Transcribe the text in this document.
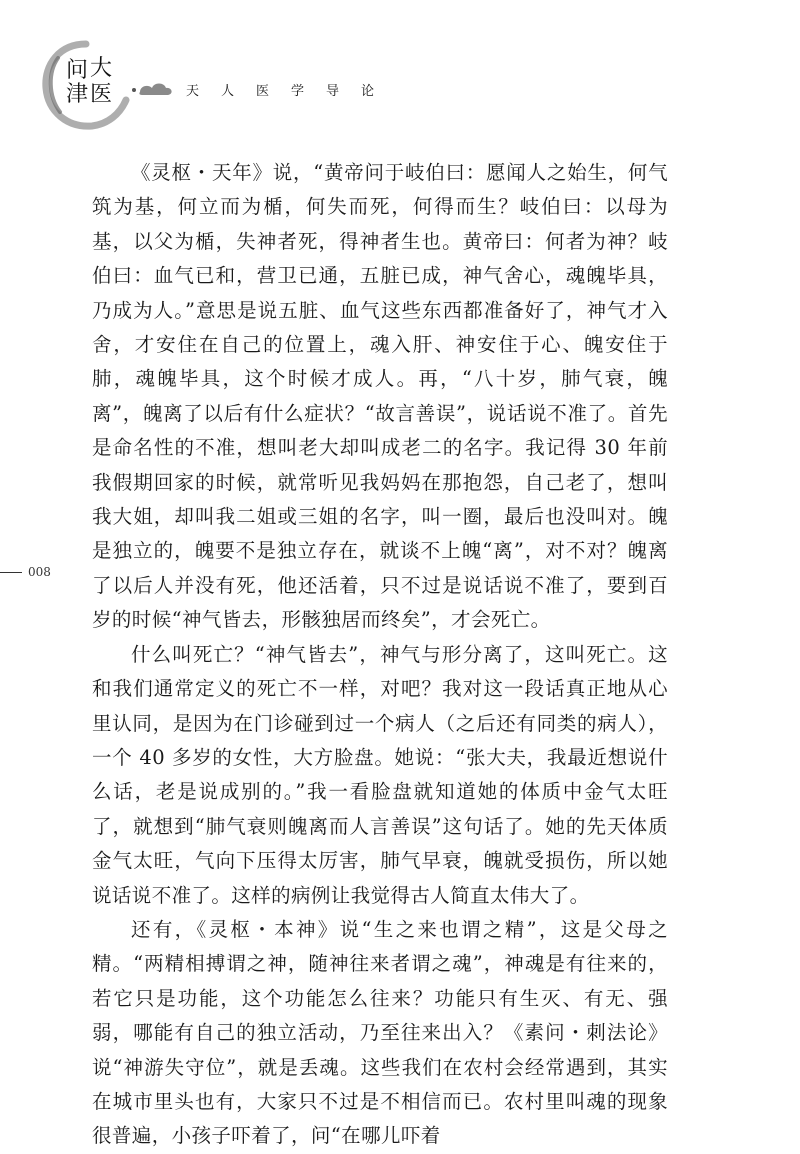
问 大
津 医	天人医学导论
008

《灵枢・天年》说，“黄帝问于岐伯曰：愿闻人之始生，何气筑为基，何立而为楯，何失而死，何得而生？岐伯曰：以母为基，以父为楯，失神者死，得神者生也。黄帝曰：何者为神？岐伯曰：血气已和，营卫已通，五脏已成，神气舍心，魂魄毕具，乃成为人。”意思是说五脏、血气这些东西都准备好了，神气才入舍，才安住在自己的位置上，魂入肝、神安住于心、魄安住于肺，魂魄毕具，这个时候才成人。再，“八十岁，肺气衰，魄离”，魄离了以后有什么症状？“故言善误”，说话说不准了。首先是命名性的不准，想叫老大却叫成老二的名字。我记得 30 年前我假期回家的时候，就常听见我妈妈在那抱怨，自己老了，想叫我大姐，却叫我二姐或三姐的名字，叫一圈，最后也没叫对。魄是独立的，魄要不是独立存在，就谈不上魄“离”，对不对？魄离了以后人并没有死，他还活着，只不过是说话说不准了，要到百岁的时候“神气皆去，形骸独居而终矣”，才会死亡。

什么叫死亡？“神气皆去”，神气与形分离了，这叫死亡。这和我们通常定义的死亡不一样，对吧？我对这一段话真正地从心里认同，是因为在门诊碰到过一个病人（之后还有同类的病人），一个 40 多岁的女性，大方脸盘。她说：“张大夫，我最近想说什么话，老是说成别的。”我一看脸盘就知道她的体质中金气太旺了，就想到“肺气衰则魄离而人言善误”这句话了。她的先天体质金气太旺，气向下压得太厉害，肺气早衰，魄就受损伤，所以她说话说不准了。这样的病例让我觉得古人简直太伟大了。

还有，《灵枢・本神》说“生之来也谓之精”，这是父母之精。“两精相搏谓之神，随神往来者谓之魂”，神魂是有往来的，若它只是功能，这个功能怎么往来？功能只有生灭、有无、强弱，哪能有自己的独立活动，乃至往来出入？《素问・刺法论》说“神游失守位”，就是丢魂。这些我们在农村会经常遇到，其实在城市里头也有，大家只不过是不相信而已。农村里叫魂的现象很普遍，小孩子吓着了，问“在哪儿吓着
